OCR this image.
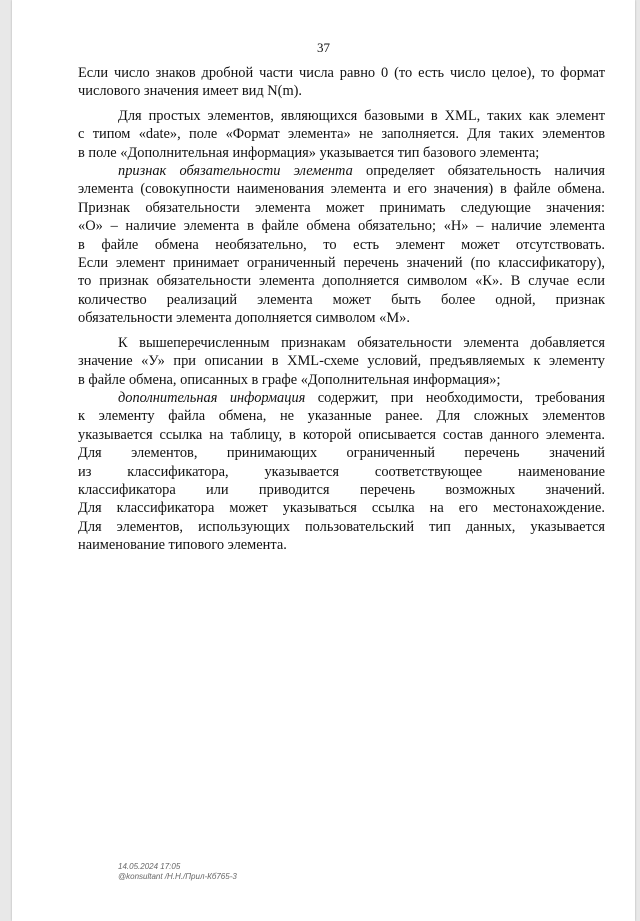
37
Если число знаков дробной части числа равно 0 (то есть число целое), то формат
числового значения имеет вид N(m).
Для простых элементов, являющихся базовыми в XML, таких как элемент
с типом «date», поле «Формат элемента» не заполняется. Для таких элементов
в поле «Дополнительная информация» указывается тип базового элемента;
признак обязательности элемента определяет обязательность наличия
элемента (совокупности наименования элемента и его значения) в файле обмена.
Признак обязательности элемента может принимать следующие значения:
«О» – наличие элемента в файле обмена обязательно; «Н» – наличие элемента
в файле обмена необязательно, то есть элемент может отсутствовать.
Если элемент принимает ограниченный перечень значений (по классификатору),
то признак обязательности элемента дополняется символом «К». В случае если
количество реализаций элемента может быть более одной, признак
обязательности элемента дополняется символом «М».
К вышеперечисленным признакам обязательности элемента добавляется
значение «У» при описании в XML-схеме условий, предъявляемых к элементу
в файле обмена, описанных в графе «Дополнительная информация»;
дополнительная информация содержит, при необходимости, требования
к элементу файла обмена, не указанные ранее. Для сложных элементов
указывается ссылка на таблицу, в которой описывается состав данного элемента.
Для элементов, принимающих ограниченный перечень значений
из классификатора, указывается соответствующее наименование
классификатора или приводится перечень возможных значений.
Для классификатора может указываться ссылка на его местонахождение.
Для элементов, использующих пользовательский тип данных, указывается
наименование типового элемента.
14.05.2024 17:05
@konsultant /Н.Н./Прил-Кб765-3
